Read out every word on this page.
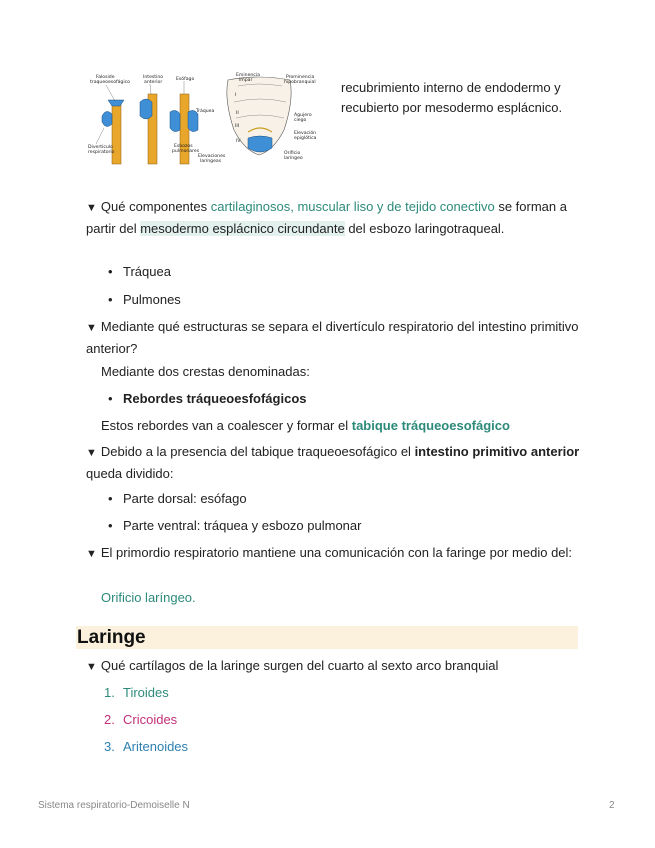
Faloside
traqueoesofágico
Divertículo
respiratorio
Intestino
anterior
Esófago
Tráquea
Esbozos
pulmonares
Elevaciones
laríngeas
II
III
IV
I
Eminencia
impar
Prominencia
hipobranquial
Agujero
ciego
Elevación
epiglótica
Orificio
laríngeo
recubrimiento interno de endodermo y recubierto por mesodermo esplácnico.
▼ Qué componentes cartilaginosos, muscular liso y de tejido conectivo se forman a partir del mesodermo esplácnico circundante del esbozo laringotraqueal.
• Tráquea
• Pulmones
▼ Mediante qué estructuras se separa el divertículo respiratorio del intestino primitivo anterior?
Mediante dos crestas denominadas:
• Rebordes tráqueoesfofágicos
Estos rebordes van a coalescer y formar el tabique tráqueoesofágico
▼ Debido a la presencia del tabique traqueoesofágico el intestino primitivo anterior queda dividido:
• Parte dorsal: esófago
• Parte ventral: tráquea y esbozo pulmonar
▼ El primordio respiratorio mantiene una comunicación con la faringe por medio del:
Orificio laríngeo.
Laringe
▼ Qué cartílagos de la laringe surgen del cuarto al sexto arco branquial
1. Tiroides
2. Cricoides
3. Aritenoides
Sistema respiratorio-Demoiselle N	2
